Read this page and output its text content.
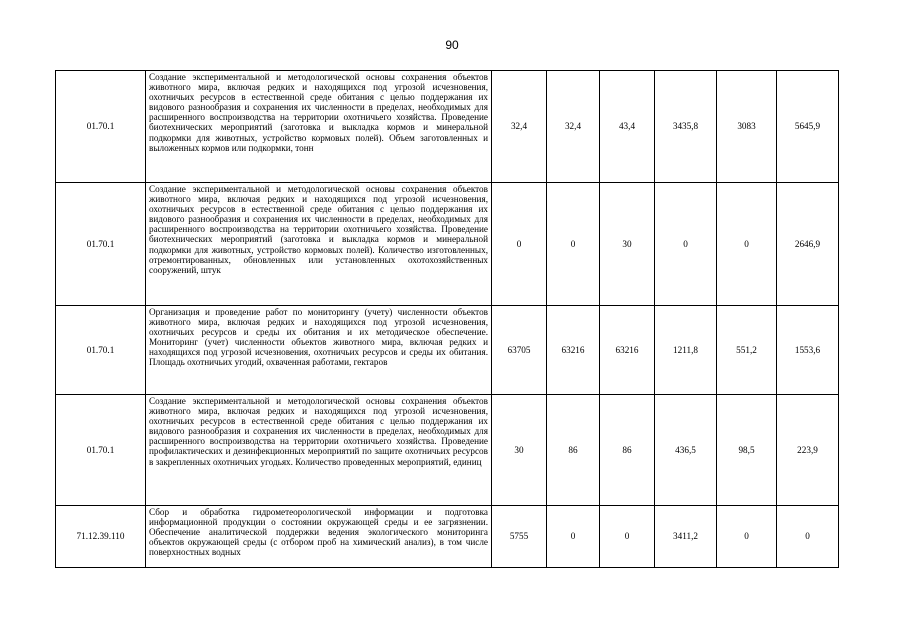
90
01.70.1	Создание экспериментальной и методологической основы сохранения объектов животного мира, включая редких и находящихся под угрозой исчезновения, охотничьих ресурсов в естественной среде обитания с целью поддержания их видового разнообразия и сохранения их численности в пределах, необходимых для расширенного воспроизводства на территории охотничьего хозяйства. Проведение биотехнических мероприятий (заготовка и выкладка кормов и минеральной подкормки для животных, устройство кормовых полей). Объем заготовленных и выложенных кормов или подкормки, тонн	32,4	32,4	43,4	3435,8	3083	5645,9
01.70.1	Создание экспериментальной и методологической основы сохранения объектов животного мира, включая редких и находящихся под угрозой исчезновения, охотничьих ресурсов в естественной среде обитания с целью поддержания их видового разнообразия и сохранения их численности в пределах, необходимых для расширенного воспроизводства на территории охотничьего хозяйства. Проведение биотехнических мероприятий (заготовка и выкладка кормов и минеральной подкормки для животных, устройство кормовых полей). Количество изготовленных, отремонтированных, обновленных или установленных охотохозяйственных сооружений, штук	0	0	30	0	0	2646,9
01.70.1	Организация и проведение работ по мониторингу (учету) численности объектов животного мира, включая редких и находящихся под угрозой исчезновения, охотничьих ресурсов и среды их обитания и их методическое обеспечение. Мониторинг (учет) численности объектов животного мира, включая редких и находящихся под угрозой исчезновения, охотничьих ресурсов и среды их обитания. Площадь охотничьих угодий, охваченная работами, гектаров	63705	63216	63216	1211,8	551,2	1553,6
01.70.1	Создание экспериментальной и методологической основы сохранения объектов животного мира, включая редких и находящихся под угрозой исчезновения, охотничьих ресурсов в естественной среде обитания с целью поддержания их видового разнообразия и сохранения их численности в пределах, необходимых для расширенного воспроизводства на территории охотничьего хозяйства. Проведение профилактических и дезинфекционных мероприятий по защите охотничьих ресурсов в закрепленных охотничьих угодьях. Количество проведенных мероприятий, единиц	30	86	86	436,5	98,5	223,9
71.12.39.110	Сбор и обработка гидрометеорологической информации и подготовка информационной продукции о состоянии окружающей среды и ее загрязнении. Обеспечение аналитической поддержки ведения экологического мониторинга объектов окружающей среды (с отбором проб на химический анализ), в том числе поверхностных водных	5755	0	0	3411,2	0	0
